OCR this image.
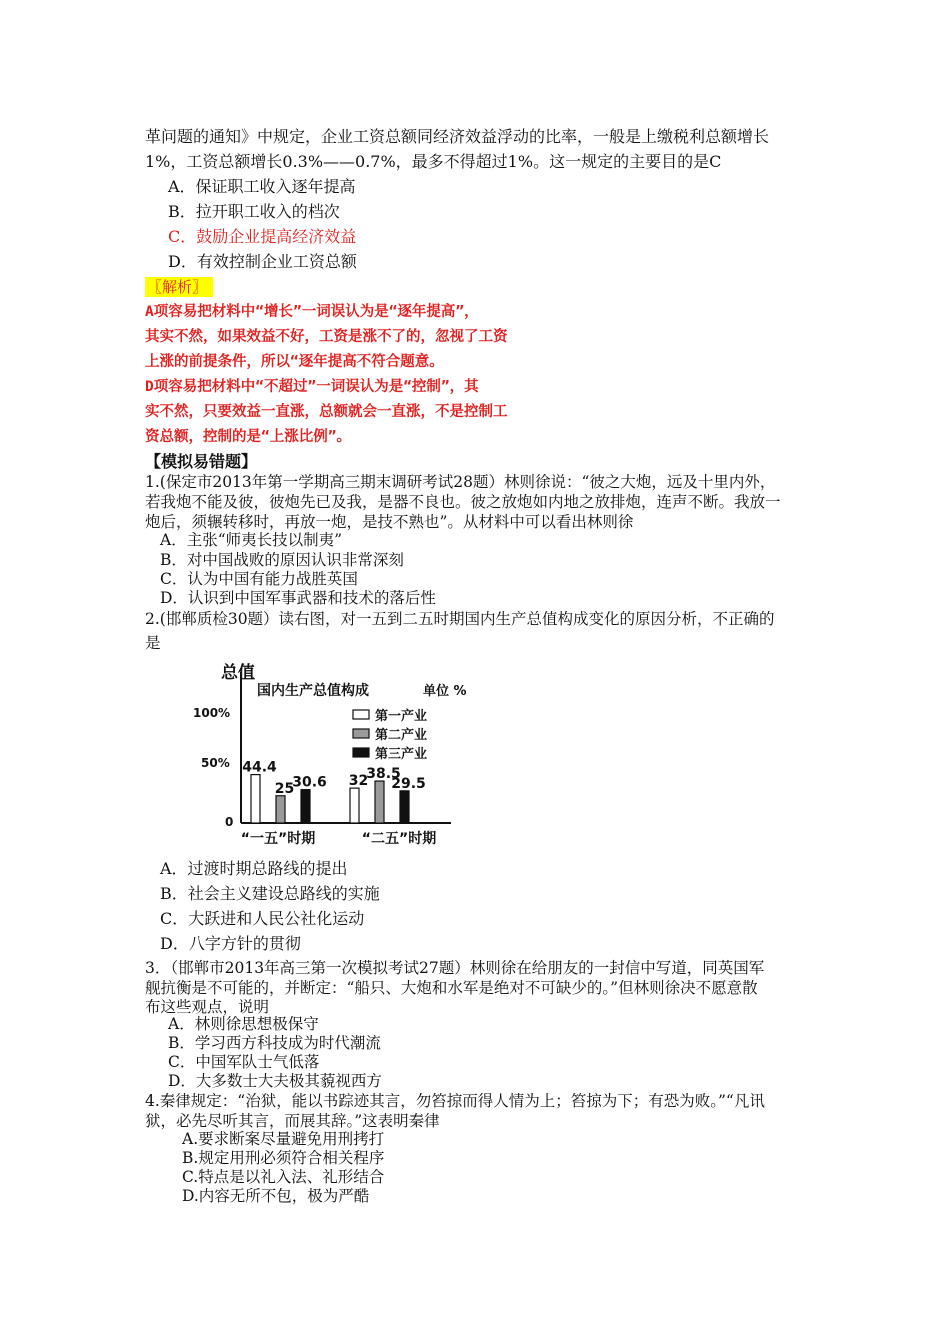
革问题的通知》中规定，企业工资总额同经济效益浮动的比率，一般是上缴税利总额增长
1%，工资总额增长0.3%——0.7%，最多不得超过1%。这一规定的主要目的是C
A．保证职工收入逐年提高
B．拉开职工收入的档次
C．鼓励企业提高经济效益
D．有效控制企业工资总额
〖解析〗
A项容易把材料中“增长”一词误认为是“逐年提高”，
其实不然，如果效益不好，工资是涨不了的，忽视了工资
上涨的前提条件，所以“逐年提高不符合题意。
D项容易把材料中“不超过”一词误认为是“控制”，其
实不然，只要效益一直涨，总额就会一直涨，不是控制工
资总额，控制的是“上涨比例”。
【模拟易错题】
1.(保定市2013年第一学期高三期末调研考试28题）林则徐说：“彼之大炮，远及十里内外，
若我炮不能及彼，彼炮先已及我，是器不良也。彼之放炮如内地之放排炮，连声不断。我放一
炮后，须辗转移时，再放一炮，是技不熟也”。从材料中可以看出林则徐
A．主张“师夷长技以制夷”
B．对中国战败的原因认识非常深刻
C．认为中国有能力战胜英国
D．认识到中国军事武器和技术的落后性
2.(邯郸质检30题）读右图，对一五到二五时期国内生产总值构成变化的原因分析，不正确的
是
总值
国内生产总值构成	单位 %
100%
50%
0
第一产业
第二产业
第三产业
44.4
25
30.6 32
38.5
29.5
“一五”时期	“二五”时期
A．过渡时期总路线的提出
B．社会主义建设总路线的实施
C．大跃进和人民公社化运动
D．八字方针的贯彻
3．（邯郸市2013年高三第一次模拟考试27题）林则徐在给朋友的一封信中写道，同英国军
舰抗衡是不可能的，并断定：“船只、大炮和水军是绝对不可缺少的。”但林则徐决不愿意散
布这些观点，说明
A．林则徐思想极保守
B．学习西方科技成为时代潮流
C．中国军队士气低落
D．大多数士大夫极其藐视西方
4.秦律规定：“治狱，能以书踪迹其言，勿笞掠而得人情为上；笞掠为下；有恐为败。”“凡讯
狱，必先尽听其言，而展其辞。”这表明秦律
A.要求断案尽量避免用刑拷打
B.规定用刑必须符合相关程序
C.特点是以礼入法、礼形结合
D.内容无所不包，极为严酷
